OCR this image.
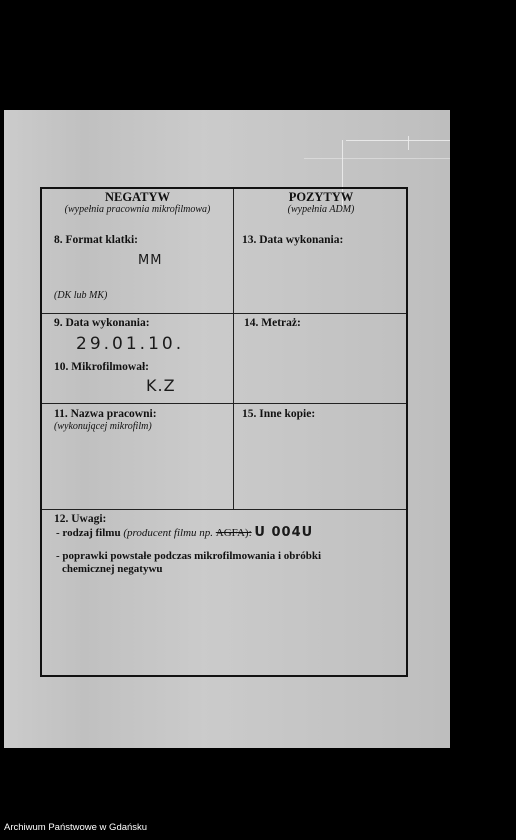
NEGATYW
(wypełnia pracownia mikrofilmowa)
8. Format klatki:
MM
(DK lub MK)
POZYTYW
(wypełnia ADM)
13. Data wykonania:
9. Data wykonania:
29.01.10.
10. Mikrofilmował:
K.Z
14. Metraż:
11. Nazwa pracowni:
(wykonującej mikrofilm)
15. Inne kopie:
12. Uwagi:
- rodzaj filmu (producent filmu np. AGFA): U 004U
- poprawki powstałe podczas mikrofilmowania i obróbki
chemicznej negatywu
Archiwum Państwowe w Gdańsku
